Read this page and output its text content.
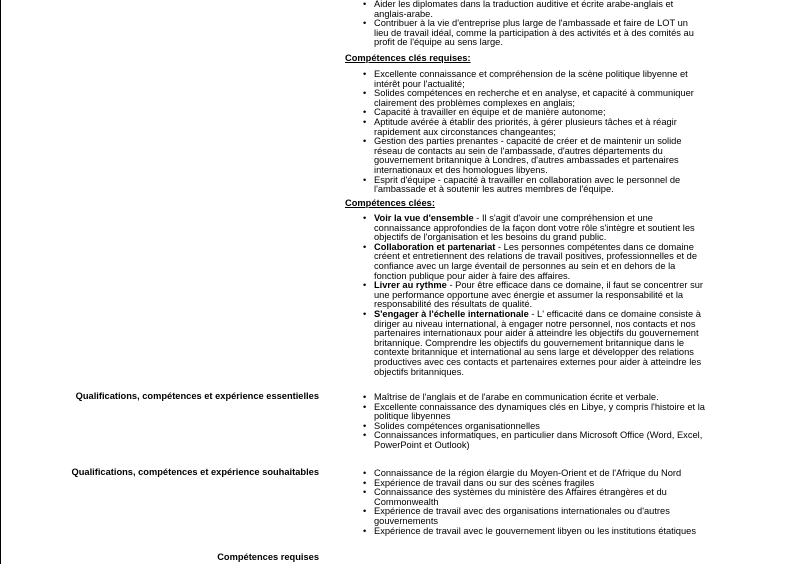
• Aider les diplomates dans la traduction auditive et écrite arabe-anglais et anglais-arabe.
• Contribuer à la vie d'entreprise plus large de l'ambassade et faire de LOT un lieu de travail idéal, comme la participation à des activités et à des comités au profit de l'équipe au sens large.

Compétences clés requises:

• Excellente connaissance et compréhension de la scène politique libyenne et intérêt pour l'actualité;
• Solides compétences en recherche et en analyse, et capacité à communiquer clairement des problèmes complexes en anglais;
• Capacité à travailler en équipe et de manière autonome;
• Aptitude avérée à établir des priorités, à gérer plusieurs tâches et à réagir rapidement aux circonstances changeantes;
• Gestion des parties prenantes - capacité de créer et de maintenir un solide réseau de contacts au sein de l'ambassade, d'autres départements du gouvernement britannique à Londres, d'autres ambassades et partenaires internationaux et des homologues libyens.
• Esprit d'équipe - capacité à travailler en collaboration avec le personnel de l'ambassade et à soutenir les autres membres de l'équipe.

Compétences clées:

• Voir la vue d'ensemble - Il s'agit d'avoir une compréhension et une connaissance approfondies de la façon dont votre rôle s'intègre et soutient les objectifs de l'organisation et les besoins du grand public.
• Collaboration et partenariat - Les personnes compétentes dans ce domaine créent et entretiennent des relations de travail positives, professionnelles et de confiance avec un large éventail de personnes au sein et en dehors de la fonction publique pour aider à faire des affaires.
• Livrer au rythme - Pour être efficace dans ce domaine, il faut se concentrer sur une performance opportune avec énergie et assumer la responsabilité et la responsabilité des résultats de qualité.
• S'engager à l'échelle internationale - L' efficacité dans ce domaine consiste à diriger au niveau international, à engager notre personnel, nos contacts et nos partenaires internationaux pour aider à atteindre les objectifs du gouvernement britannique. Comprendre les objectifs du gouvernement britannique dans le contexte britannique et international au sens large et développer des relations productives avec ces contacts et partenaires externes pour aider à atteindre les objectifs britanniques.
Qualifications, compétences et expérience essentielles	• Maîtrise de l'anglais et de l'arabe en communication écrite et verbale.
• Excellente connaissance des dynamiques clés en Libye, y compris l'histoire et la politique libyennes
• Solides compétences organisationnelles
• Connaissances informatiques, en particulier dans Microsoft Office (Word, Excel, PowerPoint et Outlook)
Qualifications, compétences et expérience souhaitables	• Connaissance de la région élargie du Moyen-Orient et de l'Afrique du Nord
• Expérience de travail dans ou sur des scènes fragiles
• Connaissance des systèmes du ministère des Affaires étrangères et du Commonwealth
• Expérience de travail avec des organisations internationales ou d'autres gouvernements
• Expérience de travail avec le gouvernement libyen ou les institutions étatiques
Compétences requises
